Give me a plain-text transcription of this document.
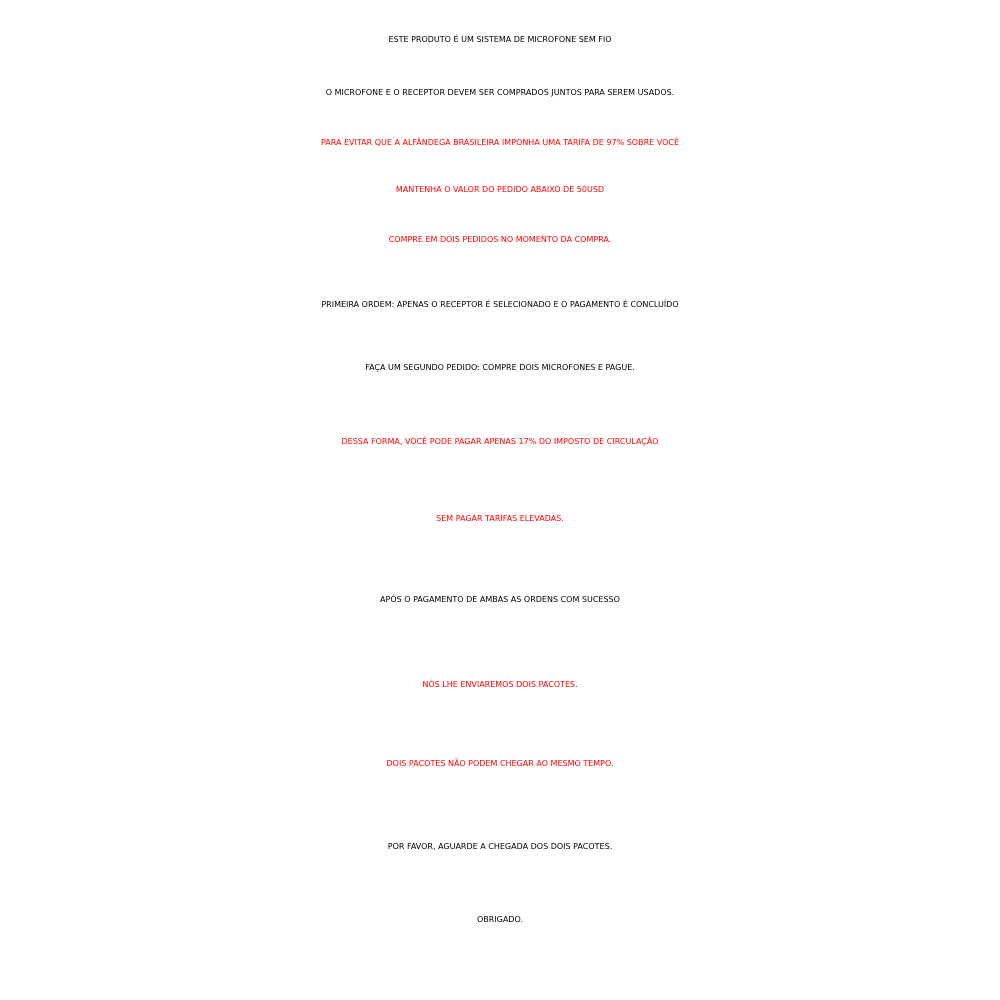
ESTE PRODUTO É UM SISTEMA DE MICROFONE SEM FIO
O MICROFONE E O RECEPTOR DEVEM SER COMPRADOS JUNTOS PARA SEREM USADOS.
PARA EVITAR QUE A ALFÂNDEGA BRASILEIRA IMPONHA UMA TARIFA DE 97% SOBRE VOCÊ
MANTENHA O VALOR DO PEDIDO ABAIXO DE 50USD
COMPRE EM DOIS PEDIDOS NO MOMENTO DA COMPRA.
PRIMEIRA ORDEM: APENAS O RECEPTOR É SELECIONADO E O PAGAMENTO É CONCLUÍDO
FAÇA UM SEGUNDO PEDIDO: COMPRE DOIS MICROFONES E PAGUE.
DESSA FORMA, VOCÊ PODE PAGAR APENAS 17% DO IMPOSTO DE CIRCULAÇÃO
SEM PAGAR TARIFAS ELEVADAS.
APÓS O PAGAMENTO DE AMBAS AS ORDENS COM SUCESSO
NÓS LHE ENVIAREMOS DOIS PACOTES.
DOIS PACOTES NÃO PODEM CHEGAR AO MESMO TEMPO.
POR FAVOR, AGUARDE A CHEGADA DOS DOIS PACOTES.
OBRIGADO.
